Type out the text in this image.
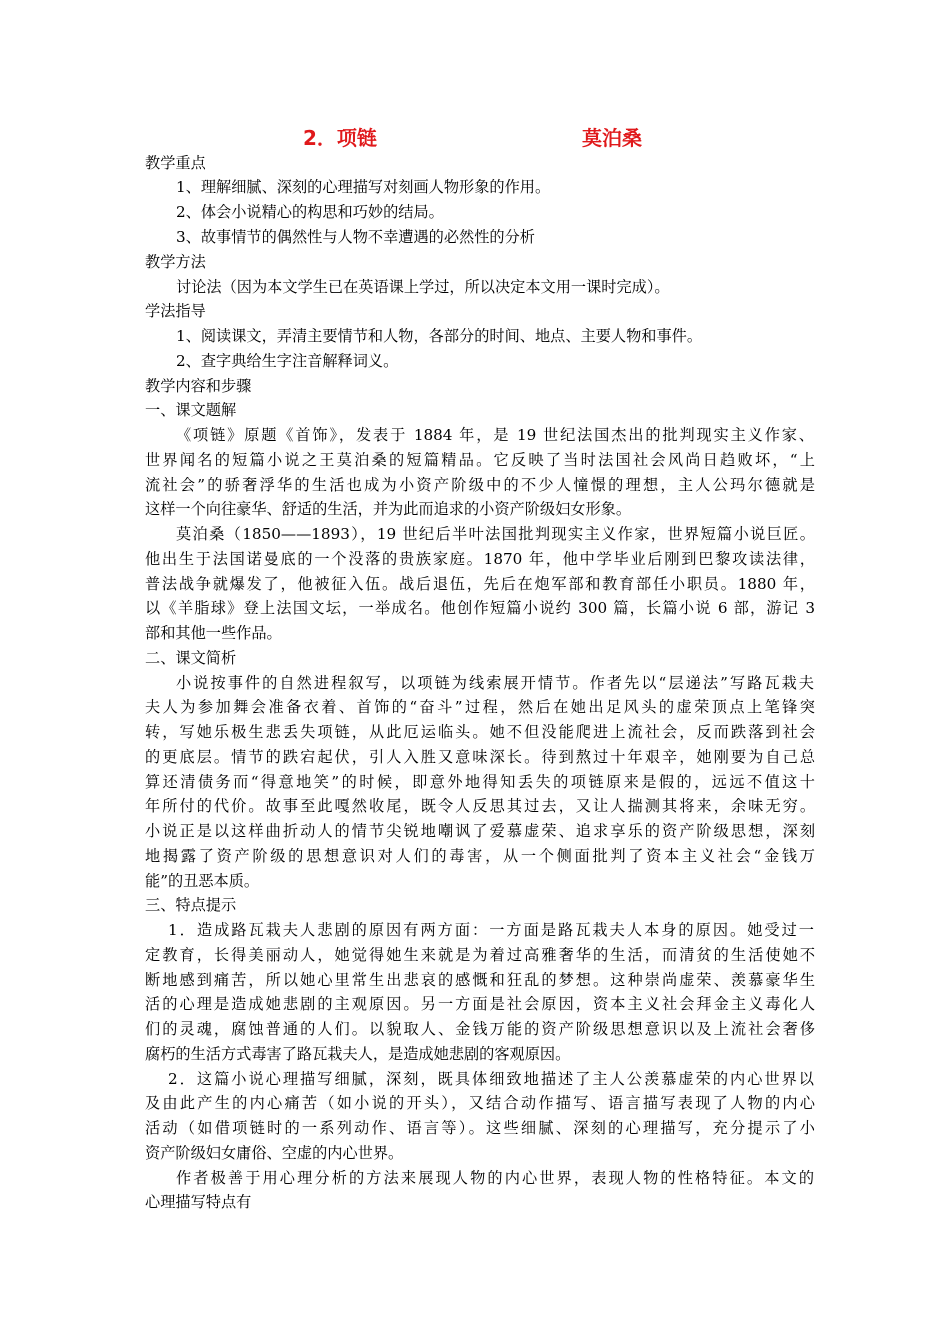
2．项链	莫泊桑
教学重点
1、理解细腻、深刻的心理描写对刻画人物形象的作用。
2、体会小说精心的构思和巧妙的结局。
3、故事情节的偶然性与人物不幸遭遇的必然性的分析
教学方法
讨论法（因为本文学生已在英语课上学过，所以决定本文用一课时完成）。
学法指导
1、阅读课文，弄清主要情节和人物，各部分的时间、地点、主要人物和事件。
2、查字典给生字注音解释词义。
教学内容和步骤
一、课文题解
《项链》原题《首饰》，发表于 1884 年，是 19 世纪法国杰出的批判现实主义作家、
世界闻名的短篇小说之王莫泊桑的短篇精品。它反映了当时法国社会风尚日趋败坏，“上
流社会”的骄奢浮华的生活也成为小资产阶级中的不少人憧憬的理想，主人公玛尔德就是
这样一个向往豪华、舒适的生活，并为此而追求的小资产阶级妇女形象。
莫泊桑（1850——1893），19 世纪后半叶法国批判现实主义作家，世界短篇小说巨匠。
他出生于法国诺曼底的一个没落的贵族家庭。1870 年，他中学毕业后刚到巴黎攻读法律，
普法战争就爆发了，他被征入伍。战后退伍，先后在炮军部和教育部任小职员。1880 年，
以《羊脂球》登上法国文坛，一举成名。他创作短篇小说约 300 篇，长篇小说 6 部，游记 3
部和其他一些作品。
二、课文简析
小说按事件的自然进程叙写，以项链为线索展开情节。作者先以“层递法”写路瓦栽夫
夫人为参加舞会准备衣着、首饰的“奋斗”过程，然后在她出足风头的虚荣顶点上笔锋突
转，写她乐极生悲丢失项链，从此厄运临头。她不但没能爬进上流社会，反而跌落到社会
的更底层。情节的跌宕起伏，引人入胜又意味深长。待到熬过十年艰辛，她刚要为自己总
算还清债务而“得意地笑”的时候，即意外地得知丢失的项链原来是假的，远远不值这十
年所付的代价。故事至此嘎然收尾，既令人反思其过去，又让人揣测其将来，余味无穷。
小说正是以这样曲折动人的情节尖锐地嘲讽了爱慕虚荣、追求享乐的资产阶级思想，深刻
地揭露了资产阶级的思想意识对人们的毒害，从一个侧面批判了资本主义社会“金钱万
能”的丑恶本质。
三、特点提示
1．造成路瓦栽夫人悲剧的原因有两方面：一方面是路瓦栽夫人本身的原因。她受过一
定教育，长得美丽动人，她觉得她生来就是为着过高雅奢华的生活，而清贫的生活使她不
断地感到痛苦，所以她心里常生出悲哀的感慨和狂乱的梦想。这种崇尚虚荣、羡慕豪华生
活的心理是造成她悲剧的主观原因。另一方面是社会原因，资本主义社会拜金主义毒化人
们的灵魂，腐蚀普通的人们。以貌取人、金钱万能的资产阶级思想意识以及上流社会奢侈
腐朽的生活方式毒害了路瓦栽夫人，是造成她悲剧的客观原因。
2．这篇小说心理描写细腻，深刻，既具体细致地描述了主人公羡慕虚荣的内心世界以
及由此产生的内心痛苦（如小说的开头），又结合动作描写、语言描写表现了人物的内心
活动（如借项链时的一系列动作、语言等）。这些细腻、深刻的心理描写，充分提示了小
资产阶级妇女庸俗、空虚的内心世界。
作者极善于用心理分析的方法来展现人物的内心世界，表现人物的性格特征。本文的
心理描写特点有
